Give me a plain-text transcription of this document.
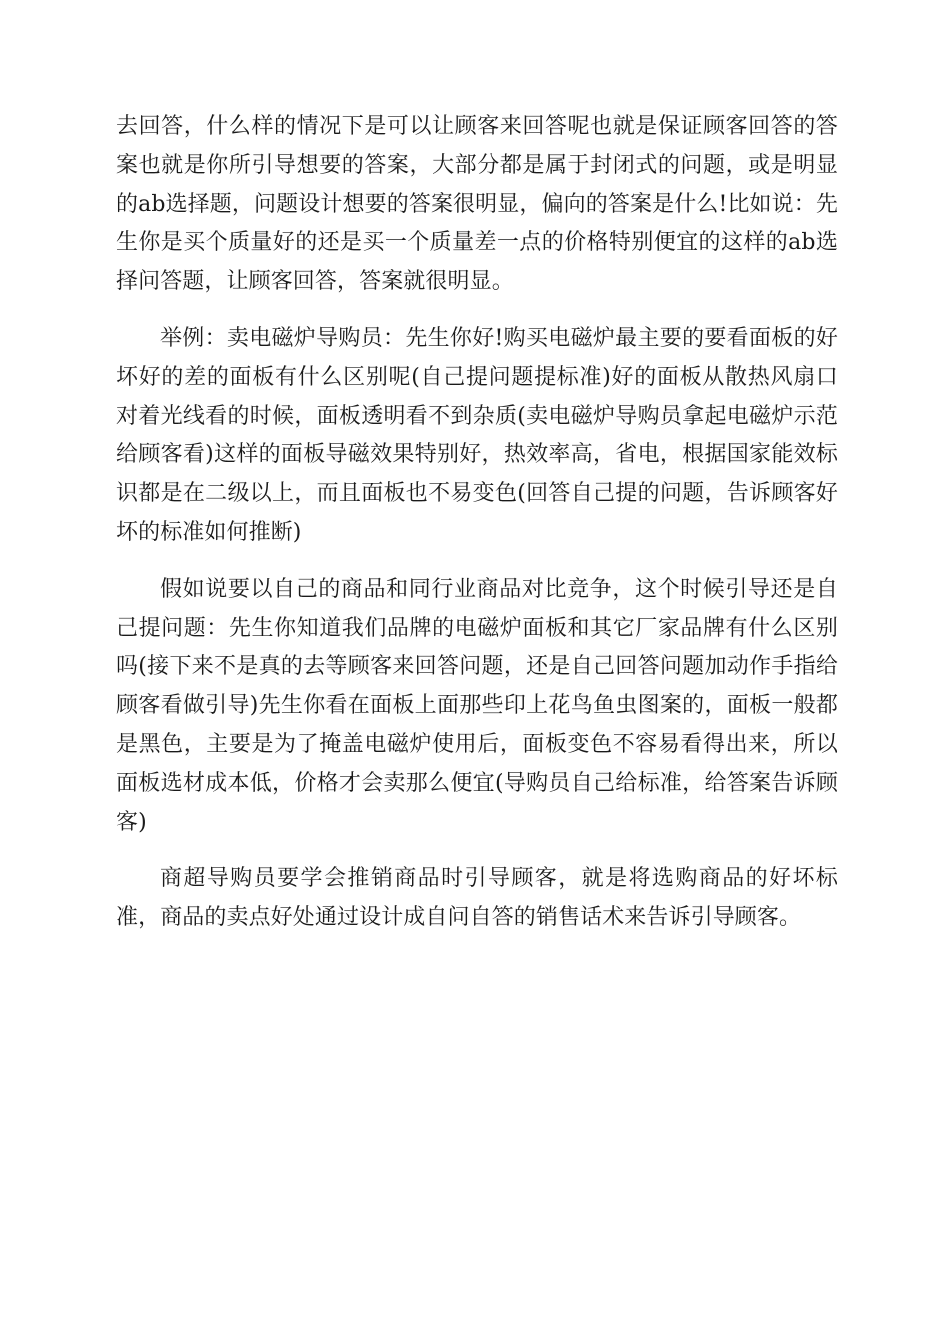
去回答，什么样的情况下是可以让顾客来回答呢也就是保证顾客回答的答案也就是你所引导想要的答案，大部分都是属于封闭式的问题，或是明显的ab选择题，问题设计想要的答案很明显，偏向的答案是什么!比如说：先生你是买个质量好的还是买一个质量差一点的价格特别便宜的这样的ab选择问答题，让顾客回答，答案就很明显。

举例：卖电磁炉导购员：先生你好!购买电磁炉最主要的要看面板的好坏好的差的面板有什么区别呢(自己提问题提标准)好的面板从散热风扇口对着光线看的时候，面板透明看不到杂质(卖电磁炉导购员拿起电磁炉示范给顾客看)这样的面板导磁效果特别好，热效率高，省电，根据国家能效标识都是在二级以上，而且面板也不易变色(回答自己提的问题，告诉顾客好坏的标准如何推断)

假如说要以自己的商品和同行业商品对比竞争，这个时候引导还是自己提问题：先生你知道我们品牌的电磁炉面板和其它厂家品牌有什么区别吗(接下来不是真的去等顾客来回答问题，还是自己回答问题加动作手指给顾客看做引导)先生你看在面板上面那些印上花鸟鱼虫图案的，面板一般都是黑色，主要是为了掩盖电磁炉使用后，面板变色不容易看得出来，所以面板选材成本低，价格才会卖那么便宜(导购员自己给标准，给答案告诉顾客)

商超导购员要学会推销商品时引导顾客，就是将选购商品的好坏标准，商品的卖点好处通过设计成自问自答的销售话术来告诉引导顾客。
